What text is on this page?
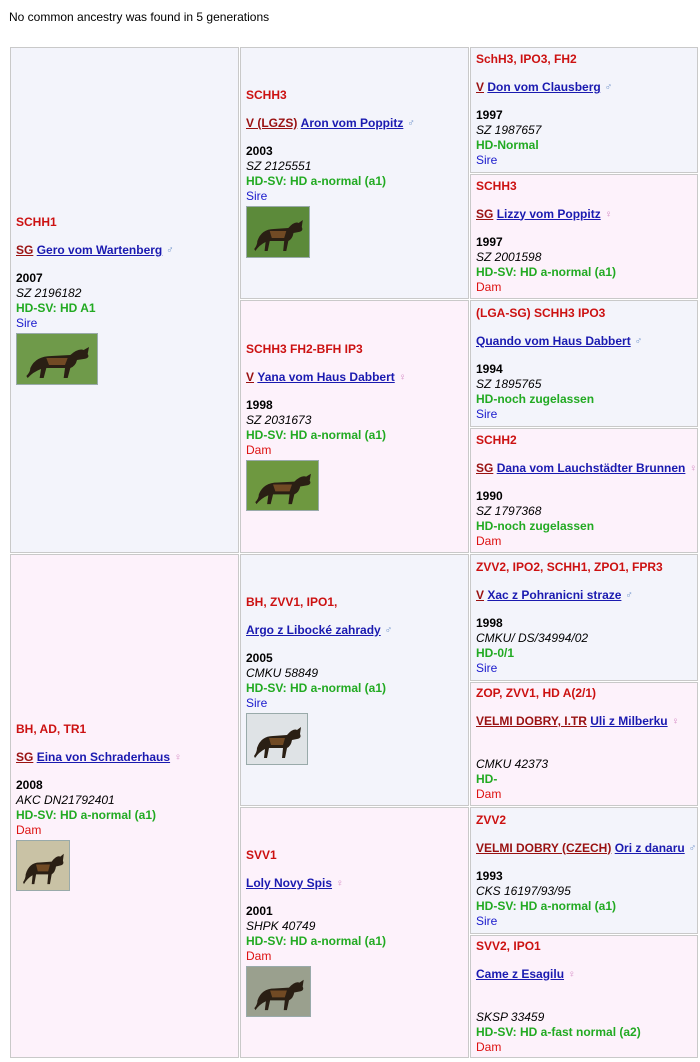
No common ancestry was found in 5 generations
SCHH1
SG Gero vom Wartenberg ♂
2007
SZ 2196182
HD-SV: HD A1
Sire
SCHH3
V (LGZS) Aron vom Poppitz ♂
2003
SZ 2125551
HD-SV: HD a-normal (a1)
Sire
SchH3, IPO3, FH2
V Don vom Clausberg ♂
1997
SZ 1987657
HD-Normal
Sire
SCHH3
SG Lizzy vom Poppitz ♀
1997
SZ 2001598
HD-SV: HD a-normal (a1)
Dam
SCHH3 FH2-BFH IP3
V Yana vom Haus Dabbert ♀
1998
SZ 2031673
HD-SV: HD a-normal (a1)
Dam
(LGA-SG) SCHH3 IPO3
Quando vom Haus Dabbert ♂
1994
SZ 1895765
HD-noch zugelassen
Sire
SCHH2
SG Dana vom Lauchstädter Brunnen ♀
1990
SZ 1797368
HD-noch zugelassen
Dam
BH, AD, TR1
SG Eina von Schraderhaus ♀
2008
AKC DN21792401
HD-SV: HD a-normal (a1)
Dam
BH, ZVV1, IPO1,
Argo z Libocké zahrady ♂
2005
CMKU 58849
HD-SV: HD a-normal (a1)
Sire
ZVV2, IPO2, SCHH1, ZPO1, FPR3
V Xac z Pohranicni straze ♂
1998
CMKU/ DS/34994/02
HD-0/1
Sire
ZOP, ZVV1, HD A(2/1)
VELMI DOBRY, I.TR Uli z Milberku ♀
CMKU 42373
HD-
Dam
SVV1
Loly Novy Spis ♀
2001
SHPK 40749
HD-SV: HD a-normal (a1)
Dam
ZVV2
VELMI DOBRY (CZECH) Ori z danaru ♂
1993
CKS 16197/93/95
HD-SV: HD a-normal (a1)
Sire
SVV2, IPO1
Came z Esagilu ♀
SKSP 33459
HD-SV: HD a-fast normal (a2)
Dam
